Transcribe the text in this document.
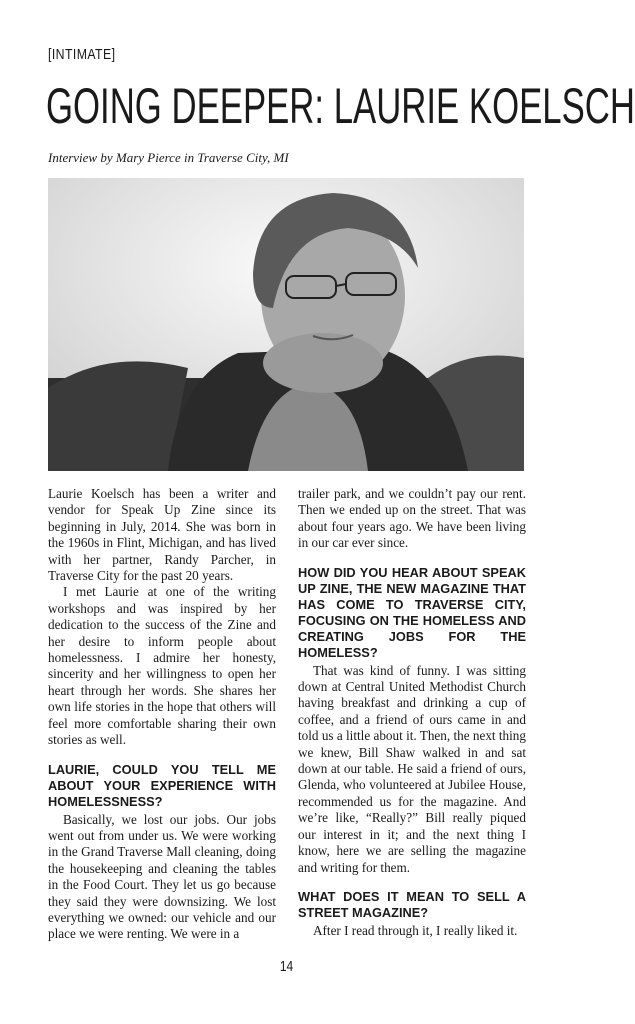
[INTIMATE]
GOING DEEPER: LAURIE KOELSCH
Interview by Mary Pierce in Traverse City, MI

Laurie Koelsch has been a writer and vendor for Speak Up Zine since its beginning in July, 2014. She was born in the 1960s in Flint, Michigan, and has lived with her partner, Randy Parcher, in Traverse City for the past 20 years.

I met Laurie at one of the writing workshops and was inspired by her dedication to the success of the Zine and her desire to inform people about homelessness. I admire her honesty, sincerity and her willingness to open her heart through her words. She shares her own life stories in the hope that others will feel more comfortable sharing their own stories as well.

LAURIE, COULD YOU TELL ME ABOUT YOUR EXPERIENCE WITH HOMELESSNESS?

Basically, we lost our jobs. Our jobs went out from under us. We were working in the Grand Traverse Mall cleaning, doing the housekeeping and cleaning the tables in the Food Court. They let us go because they said they were downsizing. We lost everything we owned: our vehicle and our place we were renting. We were in a

trailer park, and we couldn’t pay our rent. Then we ended up on the street. That was about four years ago. We have been living in our car ever since.

HOW DID YOU HEAR ABOUT SPEAK UP ZINE, THE NEW MAGAZINE THAT HAS COME TO TRAVERSE CITY, FOCUSING ON THE HOMELESS AND CREATING JOBS FOR THE HOMELESS?

That was kind of funny. I was sitting down at Central United Methodist Church having breakfast and drinking a cup of coffee, and a friend of ours came in and told us a little about it. Then, the next thing we knew, Bill Shaw walked in and sat down at our table. He said a friend of ours, Glenda, who volunteered at Jubilee House, recommended us for the magazine. And we’re like, “Really?” Bill really piqued our interest in it; and the next thing I know, here we are selling the magazine and writing for them.

WHAT DOES IT MEAN TO SELL A STREET MAGAZINE?

After I read through it, I really liked it.

14
